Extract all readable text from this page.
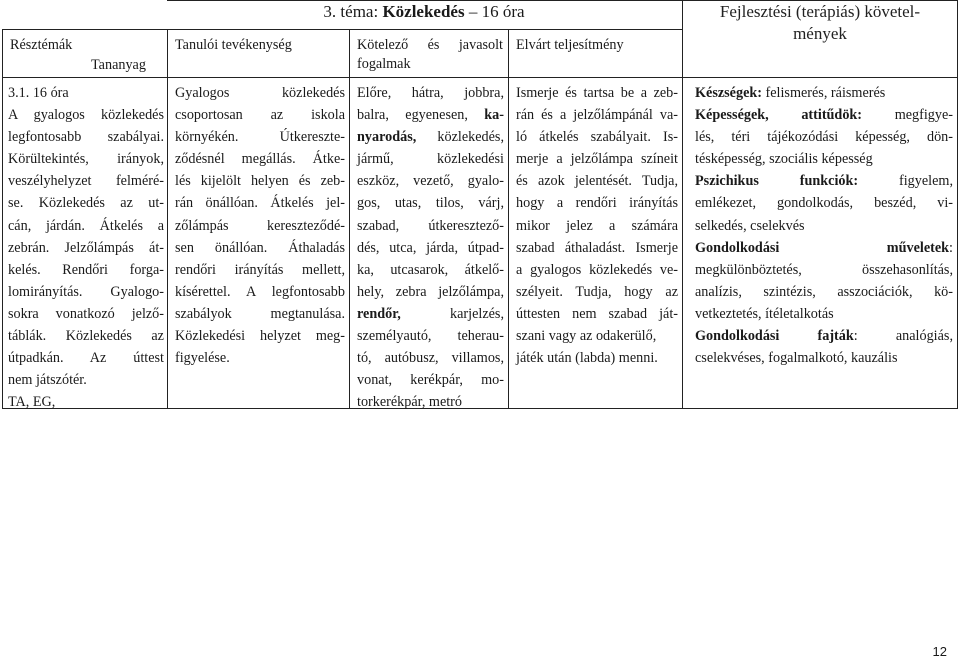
3. téma: Közlekedés – 16 óra
Résztémák
Tananyag
Tanulói tevékenység	Kötelező és javasolt
fogalmak
Elvárt teljesítmény
Fejlesztési (terápiás) követel-
mények
3.1. 16 óra
A gyalogos közlekedés
legfontosabb szabályai.
Körültekintés, irányok,
veszélyhelyzet felméré-
se. Közlekedés az ut-
cán, járdán. Átkelés a
zebrán. Jelzőlámpás át-
kelés. Rendőri forga-
lomirányítás. Gyalogo-
sokra vonatkozó jelző-
táblák. Közlekedés az
útpadkán. Az úttest
nem játszótér.
TA, EG,
Gyalogos közlekedés
csoportosan az iskola
környékén. Útkereszte-
ződésnél megállás. Átke-
lés kijelölt helyen és zeb-
rán önállóan. Átkelés jel-
zőlámpás kereszteződé-
sen önállóan. Áthaladás
rendőri irányítás mellett,
kísérettel. A legfontosabb
szabályok megtanulása.
Közlekedési helyzet meg-
figyelése.
Előre, hátra, jobbra,
balra, egyenesen, ka-
nyarodás, közlekedés,
jármű, közlekedési
eszköz, vezető, gyalo-
gos, utas, tilos, várj,
szabad, útkeresztező-
dés, utca, járda, útpad-
ka, utcasarok, átkelő-
hely, zebra jelzőlámpa,
rendőr, karjelzés,
személyautó, teherau-
tó, autóbusz, villamos,
vonat, kerékpár, mo-
torkerékpár, metró
Ismerje és tartsa be a zeb-
rán és a jelzőlámpánál va-
ló átkelés szabályait. Is-
merje a jelzőlámpa színeit
és azok jelentését. Tudja,
hogy a rendőri irányítás
mikor jelez a számára
szabad áthaladást. Ismerje
a gyalogos közlekedés ve-
szélyeit. Tudja, hogy az
úttesten nem szabad ját-
szani vagy az odakerülő,
játék után (labda) menni.
Készségek: felismerés, ráismerés
Képességek, attitűdök: megfigye-
lés, téri tájékozódási képesség, dön-
tésképesség, szociális képesség
Pszichikus funkciók: figyelem,
emlékezet, gondolkodás, beszéd, vi-
selkedés, cselekvés
Gondolkodási műveletek:
megkülönböztetés, összehasonlítás,
analízis, szintézis, asszociációk, kö-
vetkeztetés, ítéletalkotás
Gondolkodási fajták: analógiás,
cselekvéses, fogalmalkotó, kauzális
12
